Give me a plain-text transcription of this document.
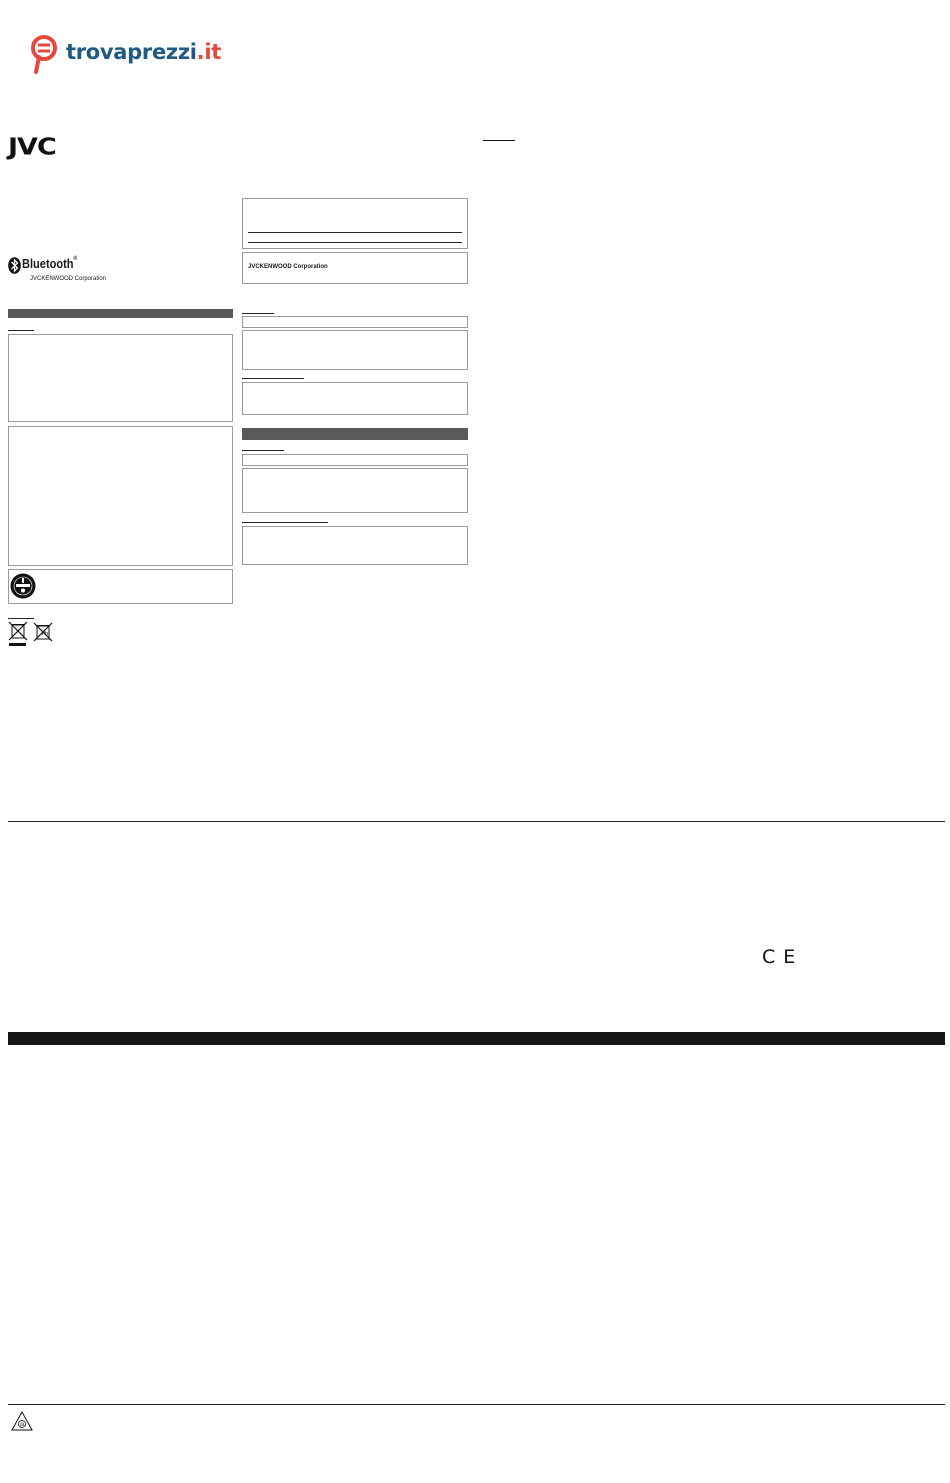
trovaprezzi.it
JVC
Bluetooth®
JVCKENWOOD Corporation
Pb
JVCKENWOOD Corporation
C E
(B)
